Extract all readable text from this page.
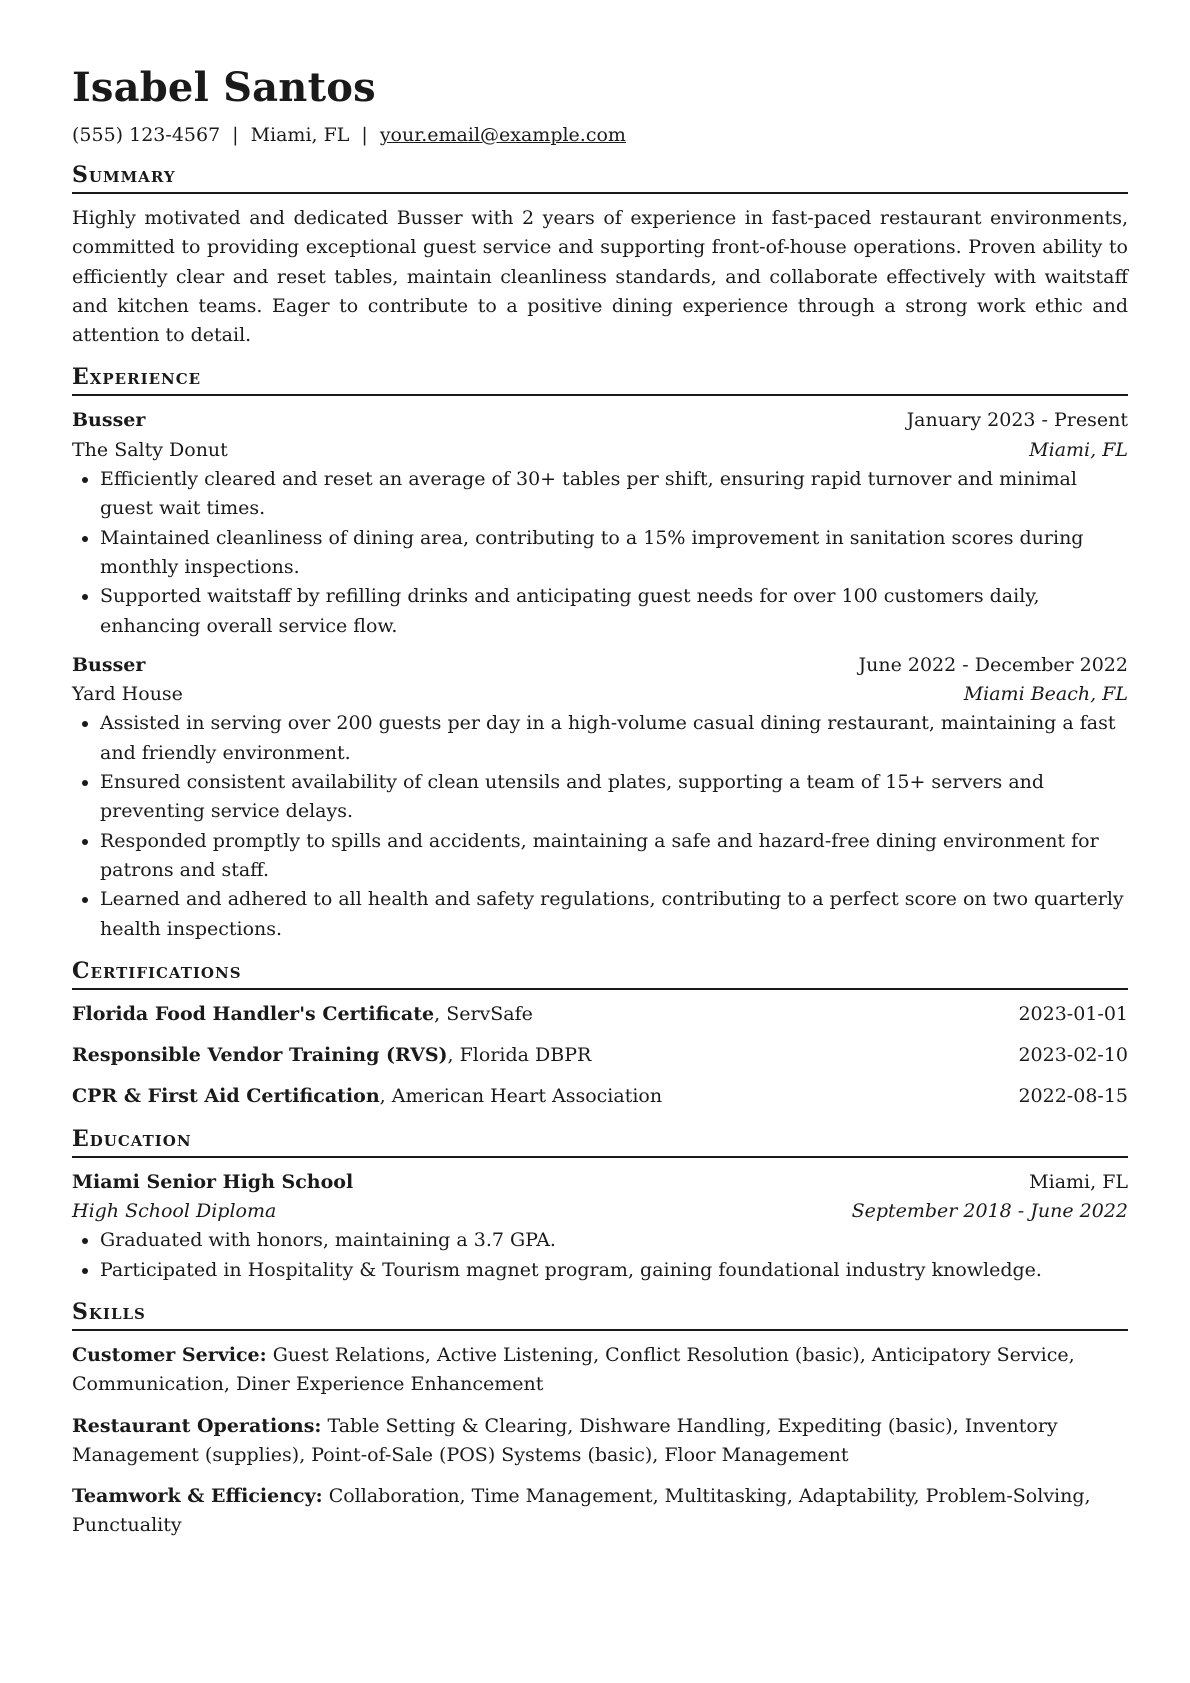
Isabel Santos
(555) 123-4567 | Miami, FL | your.email@example.com
Summary

Highly motivated and dedicated Busser with 2 years of experience in fast-paced restaurant environments, committed to providing exceptional guest service and supporting front-of-house operations. Proven ability to efficiently clear and reset tables, maintain cleanliness standards, and collaborate effectively with waitstaff and kitchen teams. Eager to contribute to a positive dining experience through a strong work ethic and attention to detail.

Experience
Busser	January 2023 - Present
The Salty Donut	Miami, FL
• Efficiently cleared and reset an average of 30+ tables per shift, ensuring rapid turnover and minimal guest wait times.
• Maintained cleanliness of dining area, contributing to a 15% improvement in sanitation scores during monthly inspections.
• Supported waitstaff by refilling drinks and anticipating guest needs for over 100 customers daily, enhancing overall service flow.
Busser	June 2022 - December 2022
Yard House	Miami Beach, FL
• Assisted in serving over 200 guests per day in a high-volume casual dining restaurant, maintaining a fast and friendly environment.
• Ensured consistent availability of clean utensils and plates, supporting a team of 15+ servers and preventing service delays.
• Responded promptly to spills and accidents, maintaining a safe and hazard-free dining environment for patrons and staff.
• Learned and adhered to all health and safety regulations, contributing to a perfect score on two quarterly health inspections.
Certifications
Florida Food Handler's Certificate, ServSafe	2023-01-01
Responsible Vendor Training (RVS), Florida DBPR	2023-02-10
CPR & First Aid Certification, American Heart Association	2022-08-15
Education
Miami Senior High School	Miami, FL
High School Diploma	September 2018 - June 2022
• Graduated with honors, maintaining a 3.7 GPA.
• Participated in Hospitality & Tourism magnet program, gaining foundational industry knowledge.
Skills

Customer Service: Guest Relations, Active Listening, Conflict Resolution (basic), Anticipatory Service, Communication, Diner Experience Enhancement

Restaurant Operations: Table Setting & Clearing, Dishware Handling, Expediting (basic), Inventory Management (supplies), Point-of-Sale (POS) Systems (basic), Floor Management

Teamwork & Efficiency: Collaboration, Time Management, Multitasking, Adaptability, Problem-Solving, Punctuality
